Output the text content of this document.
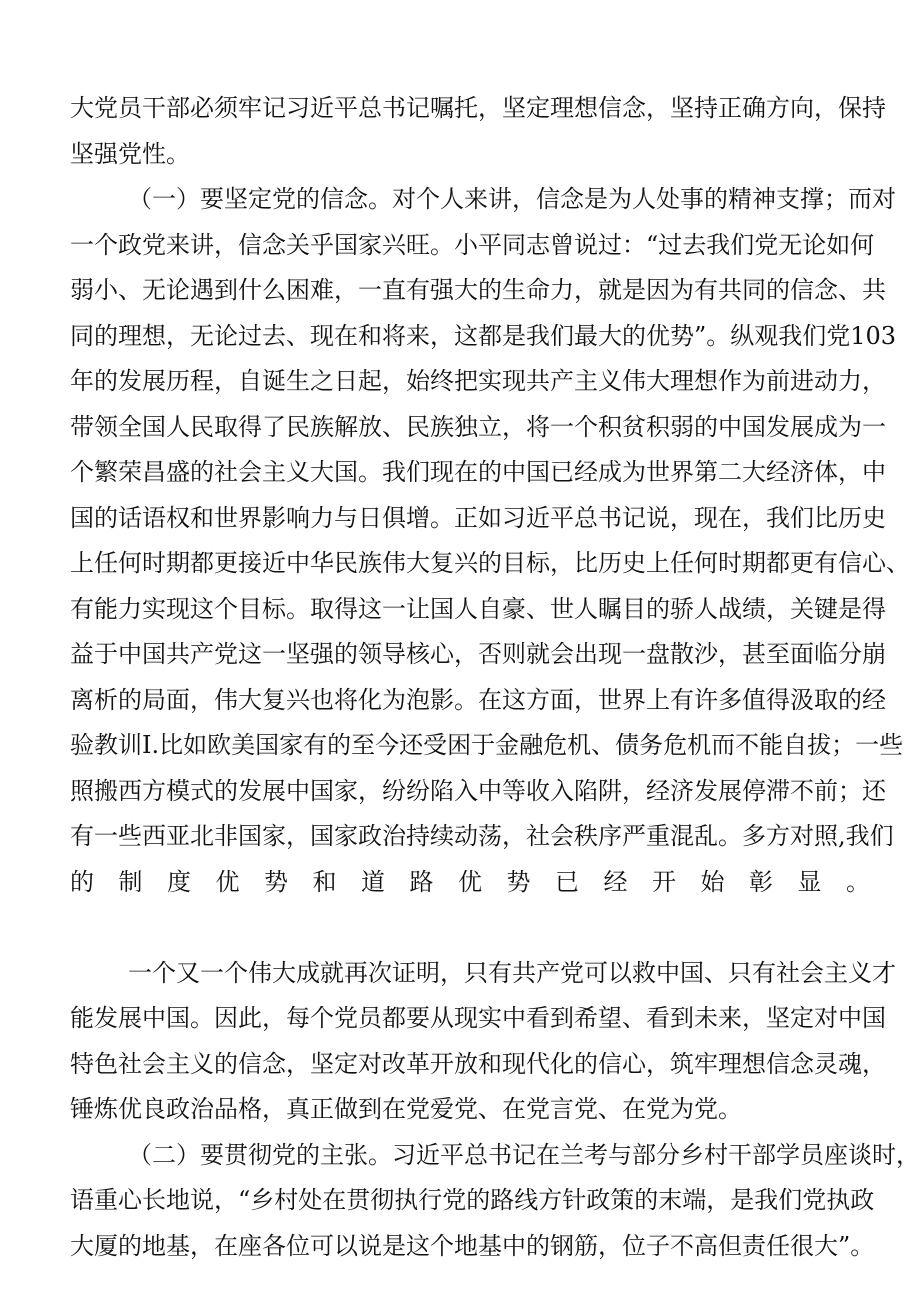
大党员干部必须牢记习近平总书记嘱托，坚定理想信念，坚持正确方向，保持
坚强党性。
（一）要坚定党的信念。对个人来讲，信念是为人处事的精神支撑；而对
一个政党来讲，信念关乎国家兴旺。小平同志曾说过：“过去我们党无论如何
弱小、无论遇到什么困难，一直有强大的生命力，就是因为有共同的信念、共
同的理想，无论过去、现在和将来，这都是我们最大的优势”。纵观我们党103
年的发展历程，自诞生之日起，始终把实现共产主义伟大理想作为前进动力，
带领全国人民取得了民族解放、民族独立，将一个积贫积弱的中国发展成为一
个繁荣昌盛的社会主义大国。我们现在的中国已经成为世界第二大经济体，中
国的话语权和世界影响力与日俱增。正如习近平总书记说，现在，我们比历史
上任何时期都更接近中华民族伟大复兴的目标，比历史上任何时期都更有信心、
有能力实现这个目标。取得这一让国人自豪、世人瞩目的骄人战绩，关键是得
益于中国共产党这一坚强的领导核心，否则就会出现一盘散沙，甚至面临分崩
离析的局面，伟大复兴也将化为泡影。在这方面，世界上有许多值得汲取的经
验教训I.比如欧美国家有的至今还受困于金融危机、债务危机而不能自拔；一些
照搬西方模式的发展中国家，纷纷陷入中等收入陷阱，经济发展停滞不前；还
有一些西亚北非国家，国家政治持续动荡，社会秩序严重混乱。多方对照,我们
的制度优势和道路优势已经开始彰显。
一个又一个伟大成就再次证明，只有共产党可以救中国、只有社会主义才
能发展中国。因此，每个党员都要从现实中看到希望、看到未来，坚定对中国
特色社会主义的信念，坚定对改革开放和现代化的信心，筑牢理想信念灵魂，
锤炼优良政治品格，真正做到在党爱党、在党言党、在党为党。
（二）要贯彻党的主张。习近平总书记在兰考与部分乡村干部学员座谈时，
语重心长地说，“乡村处在贯彻执行党的路线方针政策的末端，是我们党执政
大厦的地基，在座各位可以说是这个地基中的钢筋，位子不高但责任很大”。
